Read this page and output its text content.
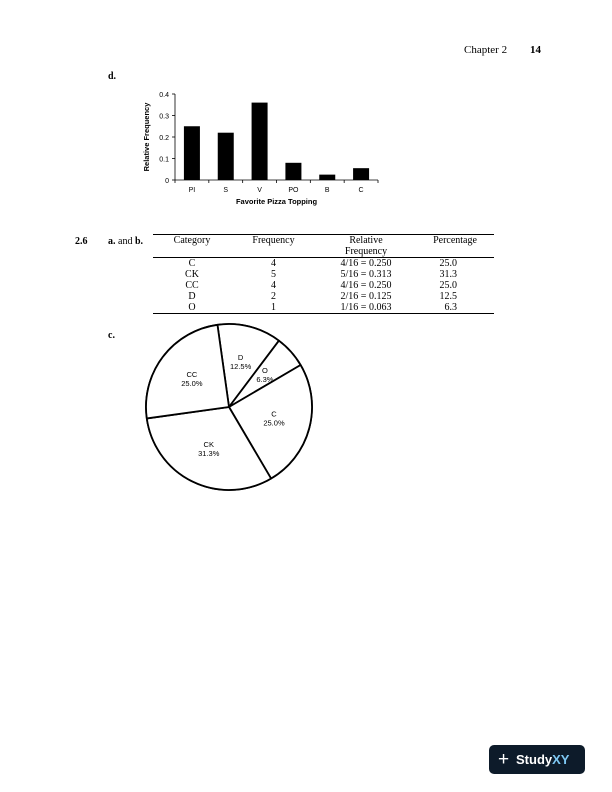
Chapter 2 14
d.
0
0.1
0.2
0.3
0.4
PI	S	V	PO	B	C
Favorite Pizza Topping
Relative Frequency
2.6 a. and b.	Category	Frequency	Relative Frequency	Percentage
C	4	4/16 = 0.250	25.0
CK	5	5/16 = 0.313	31.3
CC	4	4/16 = 0.250	25.0
D	2	2/16 = 0.125	12.5
O	1	1/16 = 0.063	6.3
c.
D
12.5% O
6.3%
C
25.0%
CK
31.3%
CC
25.0%
+ StudyXY
